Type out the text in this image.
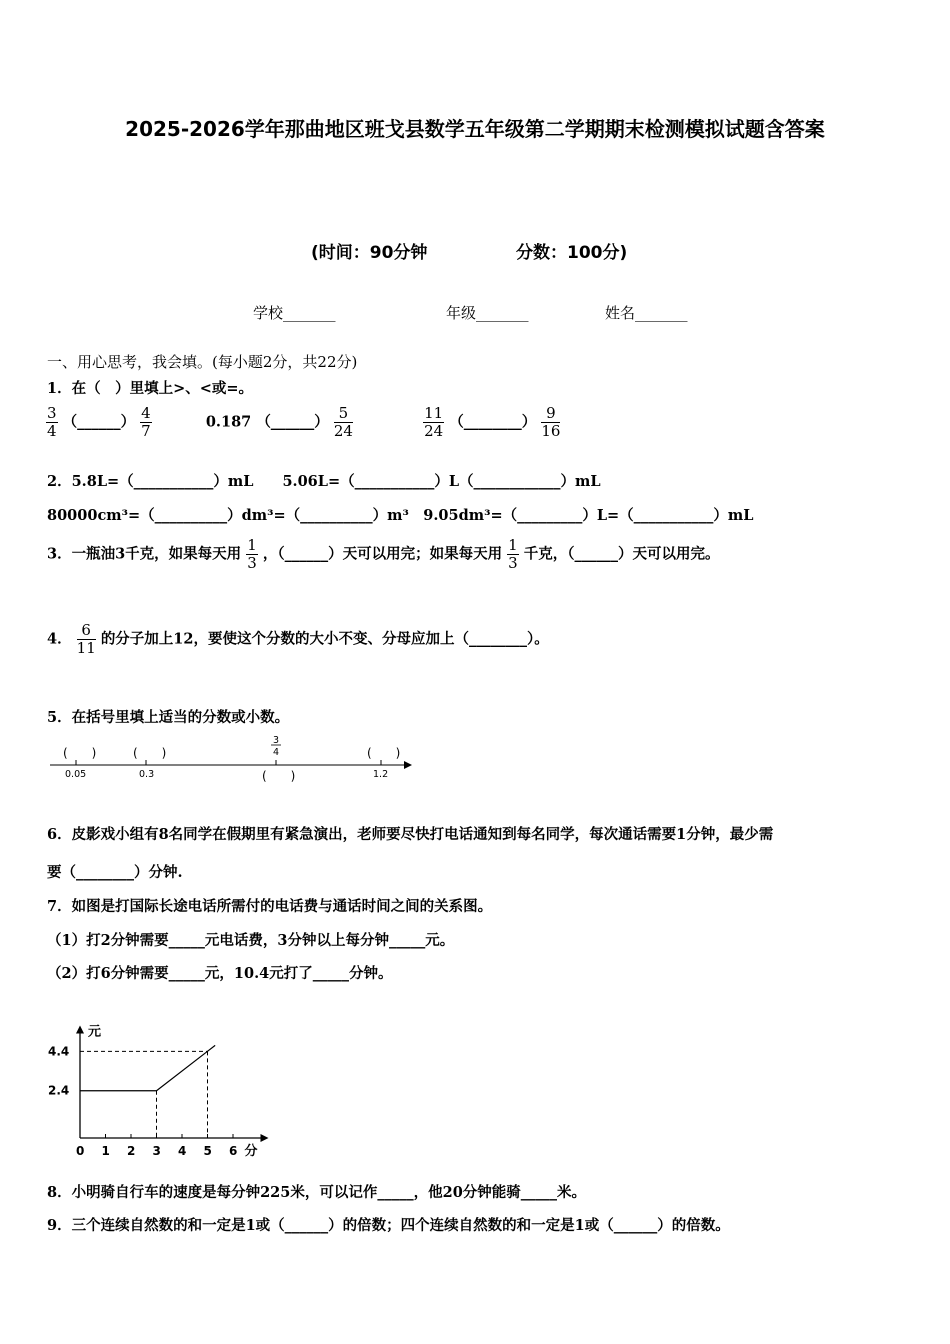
2025-2026学年那曲地区班戈县数学五年级第二学期期末检测模拟试题含答案
(时间：90分钟	分数：100分)
学校_______	年级_______	姓名_______
一、用心思考，我会填。(每小题2分，共22分)
1．在（　）里填上>、<或=。
$\frac{3}{4}$ （______） $\frac{4}{7}$	0.187 （______） $\frac{5}{24}$
	$\frac{11}{24}$ （________） $\frac{9}{16}$
2．5.8L=（___________）mL　　5.06L=（___________）L（____________）mL
80000cm³=（__________）dm³=（__________）m³　9.05dm³=（_________）L=（___________）mL
3．一瓶油3千克，如果每天用 $\frac{1}{3}$ ，（______）天可以用完；如果每天用 $\frac{1}{3}$ 千克，（______）天可以用完。
4． $\frac{6}{11}$ 的分子加上12，要使这个分数的大小不变、分母应加上（________）。
5．在括号里填上适当的分数或小数。
(　　)	(　　)	(　　)
(　　)
0.05	0.3	1.2
3
4
6．皮影戏小组有8名同学在假期里有紧急演出，老师要尽快打电话通知到每名同学，每次通话需要1分钟，最少需
要（________）分钟.
7．如图是打国际长途电话所需付的电话费与通话时间之间的关系图。
（1）打2分钟需要_____元电话费，3分钟以上每分钟_____元。
（2）打6分钟需要_____元，10.4元打了_____分钟。
0 1 2 3 4 5 6 分
元
2.4
4.4
8．小明骑自行车的速度是每分钟225米，可以记作_____，他20分钟能骑_____米。
9．三个连续自然数的和一定是1或（______）的倍数；四个连续自然数的和一定是1或（______）的倍数。
